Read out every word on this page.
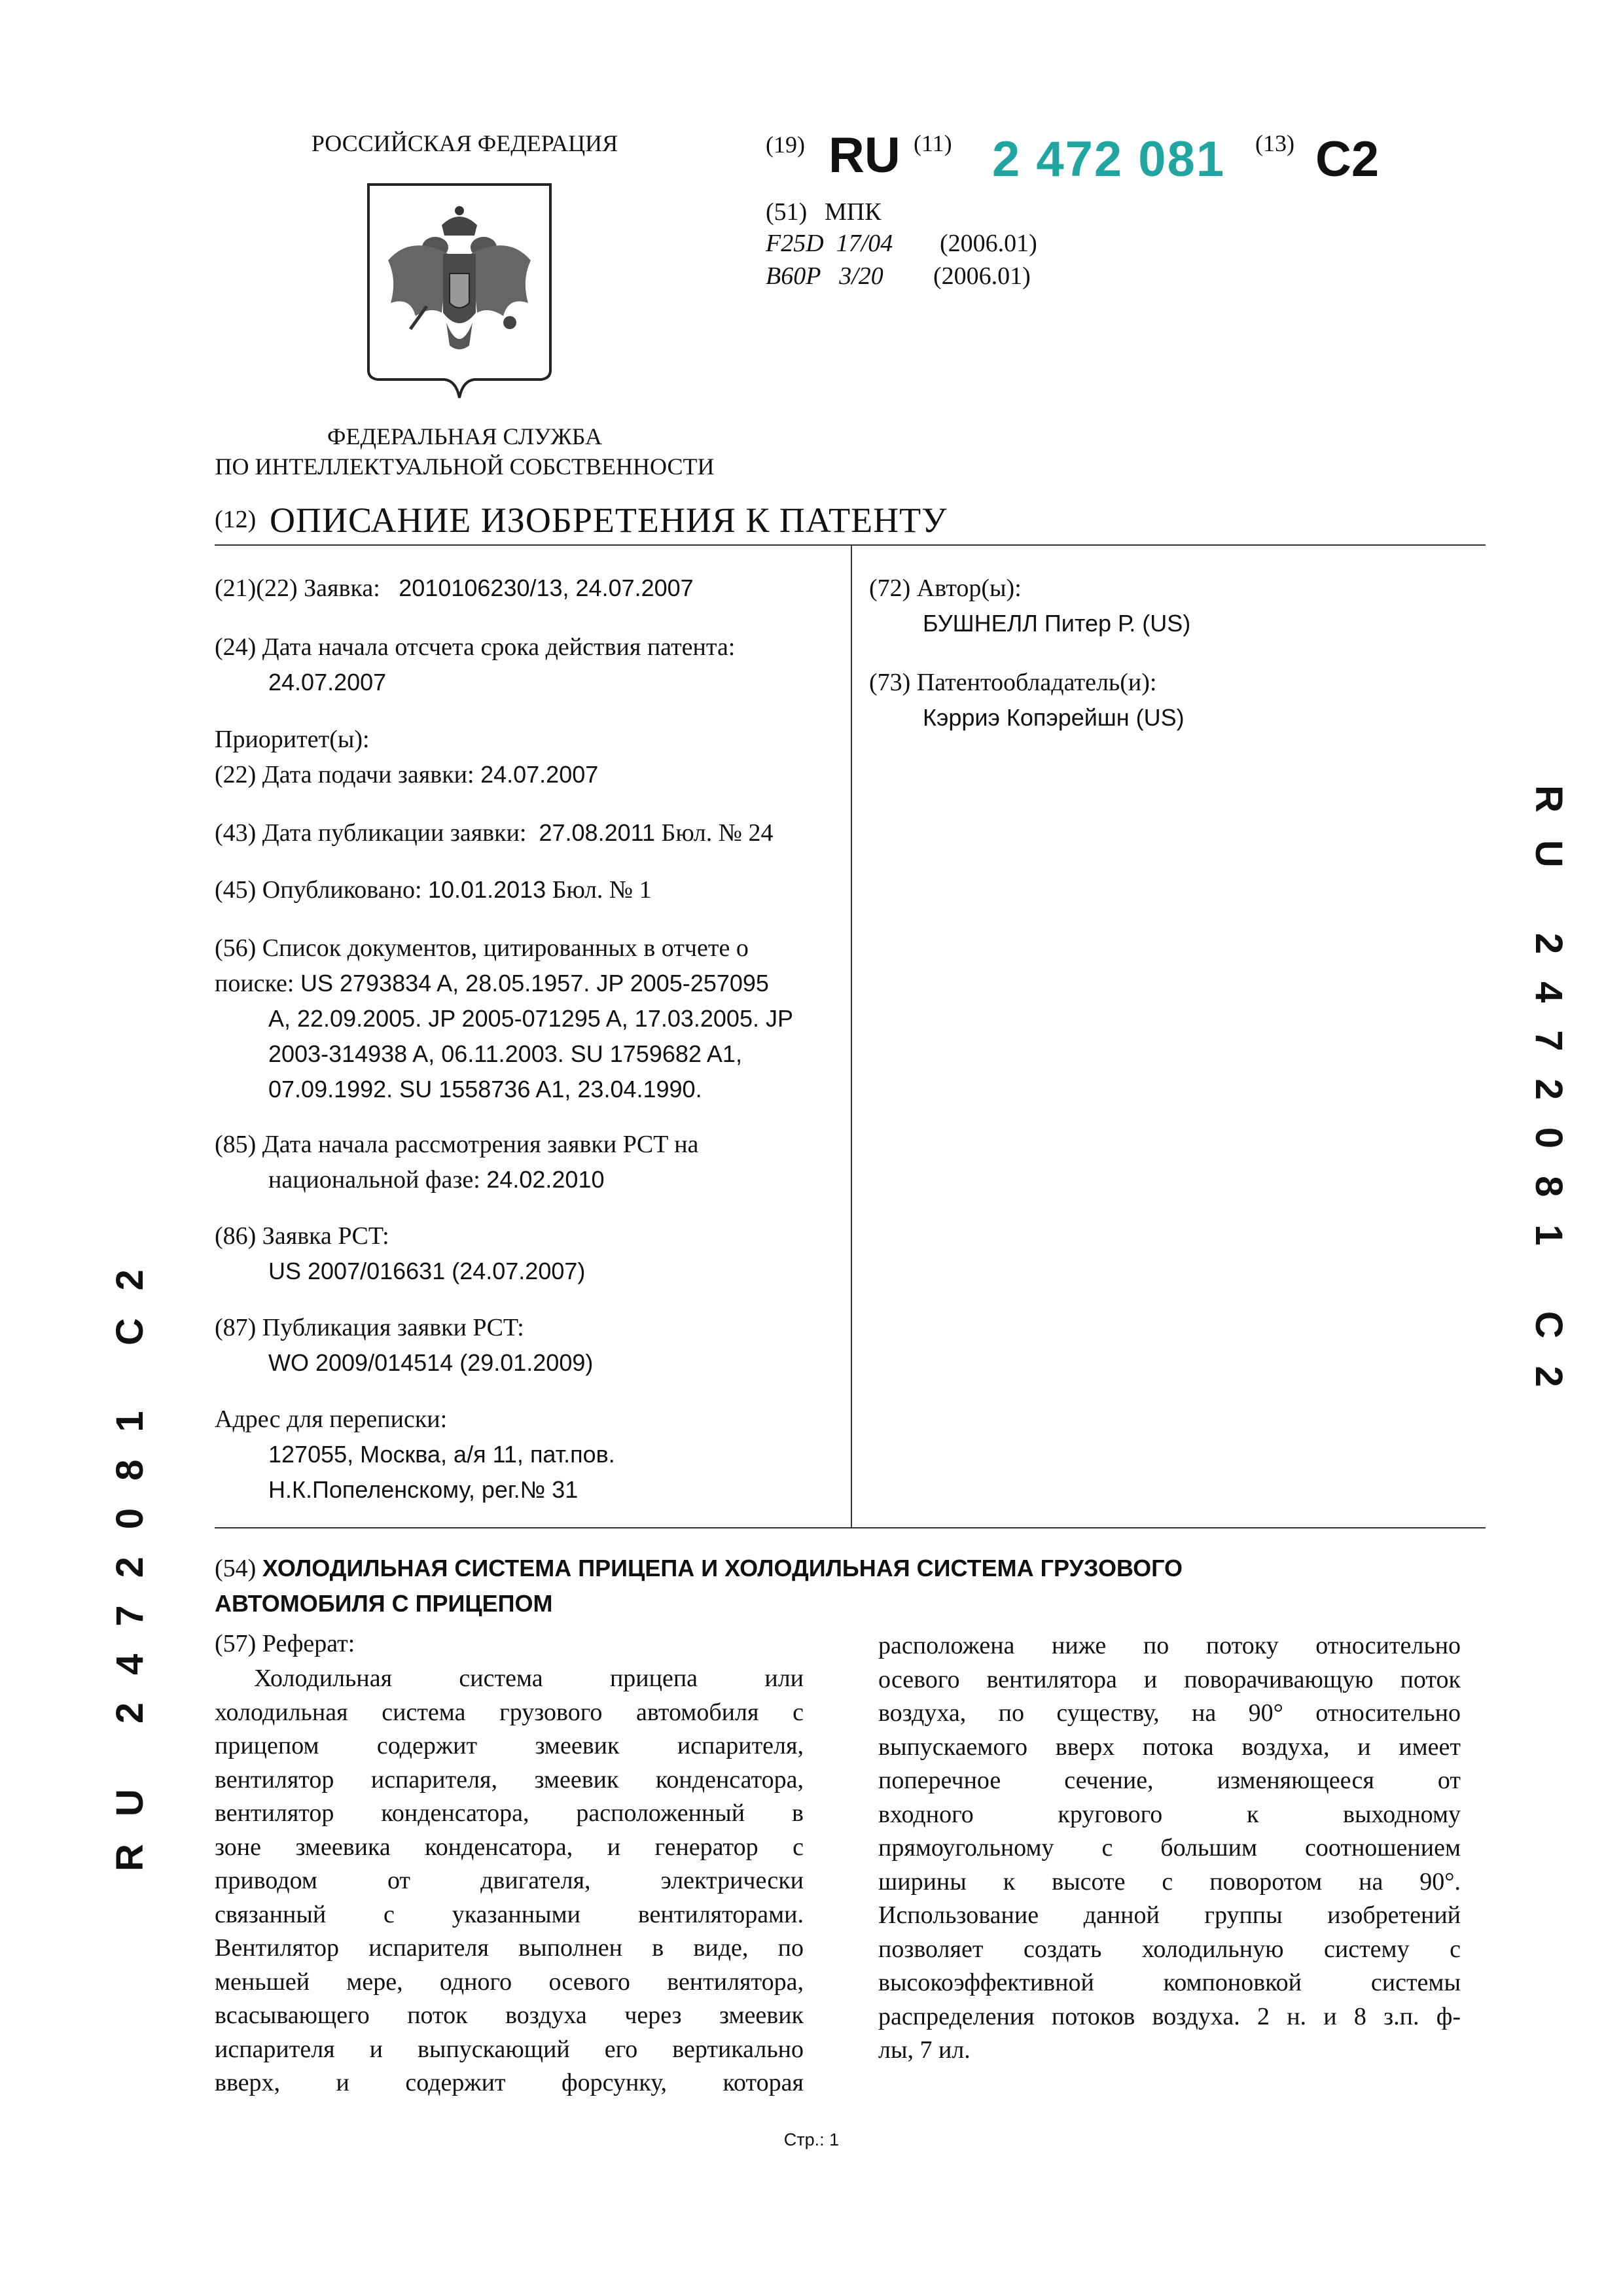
РОССИЙСКАЯ ФЕДЕРАЦИЯ
ФЕДЕРАЛЬНАЯ СЛУЖБА
ПО ИНТЕЛЛЕКТУАЛЬНОЙ СОБСТВЕННОСТИ
(19) RU (11) 2 472 081 (13) C2
(51) МПК
F25D  17/04 (2006.01)
B60P   3/20 (2006.01)
(12) ОПИСАНИЕ ИЗОБРЕТЕНИЯ К ПАТЕНТУ
(21)(22) Заявка: 2010106230/13, 24.07.2007
(24) Дата начала отсчета срока действия патента:
24.07.2007
Приоритет(ы):
(22) Дата подачи заявки: 24.07.2007
(43) Дата публикации заявки: 27.08.2011 Бюл. № 24
(45) Опубликовано: 10.01.2013 Бюл. № 1
(56) Список документов, цитированных в отчете о
поиске: US 2793834 A, 28.05.1957. JP 2005-257095
A, 22.09.2005. JP 2005-071295 A, 17.03.2005. JP
2003-314938 A, 06.11.2003. SU 1759682 A1,
07.09.1992. SU 1558736 A1, 23.04.1990.
(85) Дата начала рассмотрения заявки PCT на
национальной фазе: 24.02.2010
(86) Заявка PCT:
US 2007/016631 (24.07.2007)
(87) Публикация заявки PCT:
WO 2009/014514 (29.01.2009)
Адрес для переписки:
127055, Москва, а/я 11, пат.пов.
Н.К.Попеленскому, рег.№ 31
(72) Автор(ы):
БУШНЕЛЛ Питер Р. (US)
(73) Патентообладатель(и):
Кэрриэ Копэрейшн (US)
(54) ХОЛОДИЛЬНАЯ СИСТЕМА ПРИЦЕПА И ХОЛОДИЛЬНАЯ СИСТЕМА ГРУЗОВОГО
АВТОМОБИЛЯ С ПРИЦЕПОМ
(57) Реферат:
Холодильная система прицепа или
холодильная система грузового автомобиля с
прицепом содержит змеевик испарителя,
вентилятор испарителя, змеевик конденсатора,
вентилятор конденсатора, расположенный в
зоне змеевика конденсатора, и генератор с
приводом от двигателя, электрически
связанный с указанными вентиляторами.
Вентилятор испарителя выполнен в виде, по
меньшей мере, одного осевого вентилятора,
всасывающего поток воздуха через змеевик
испарителя и выпускающий его вертикально
вверх, и содержит форсунку, которая
расположена ниже по потоку относительно
осевого вентилятора и поворачивающую поток
воздуха, по существу, на 90° относительно
выпускаемого вверх потока воздуха, и имеет
поперечное сечение, изменяющееся от
входного кругового к выходному
прямоугольному с большим соотношением
ширины к высоте с поворотом на 90°.
Использование данной группы изобретений
позволяет создать холодильную систему с
высокоэффективной компоновкой системы
распределения потоков воздуха. 2 н. и 8 з.п. ф-
лы, 7 ил.
RU 2472081 C2
RU 2472081 C2
Стр.: 1
